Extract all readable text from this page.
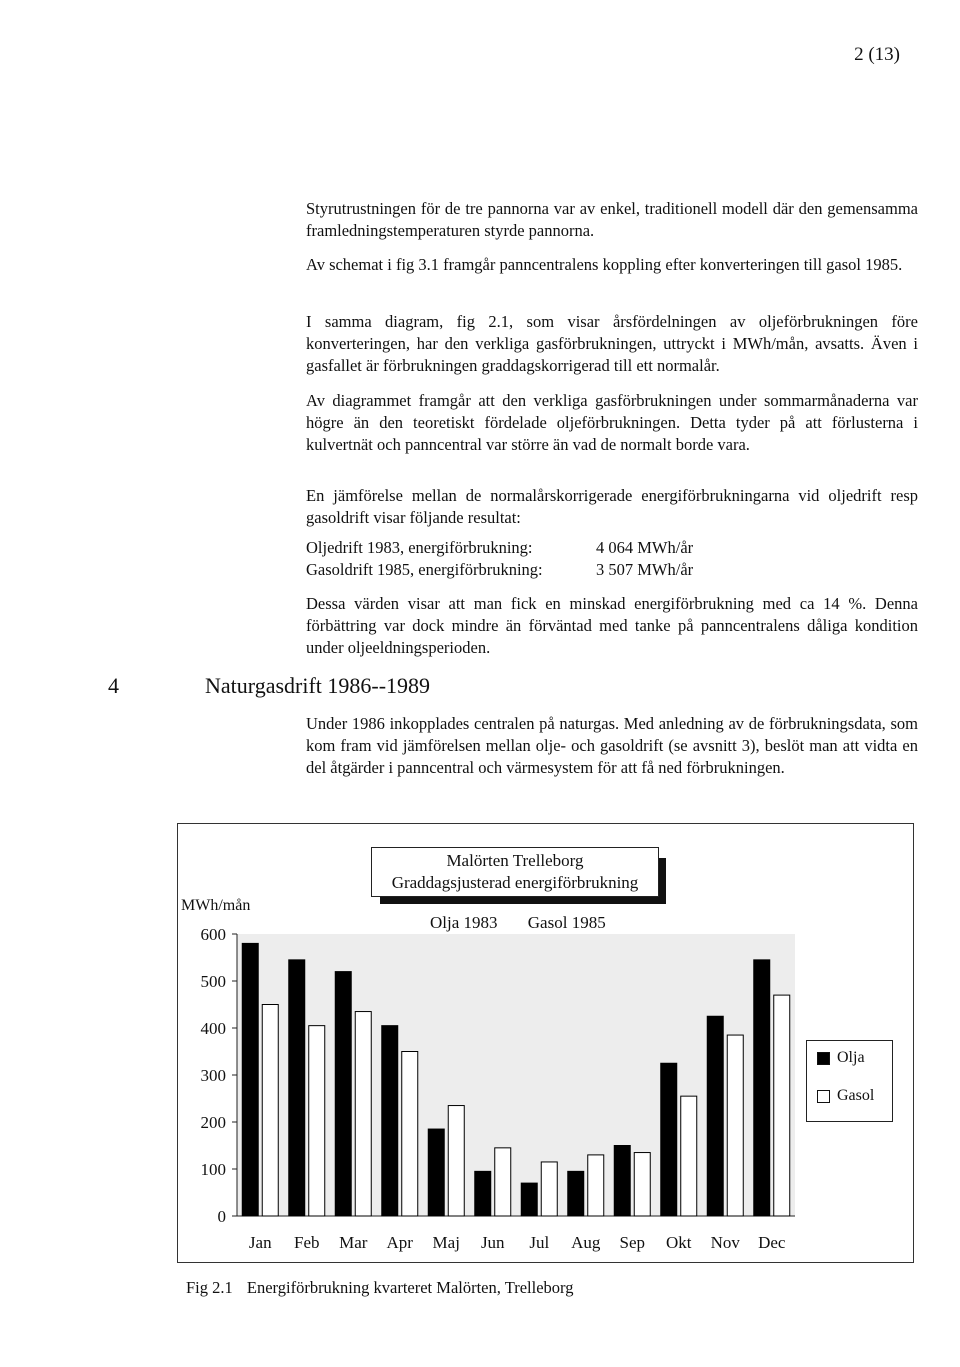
2 (13)

Styrutrustningen för de tre pannorna var av enkel, traditionell modell där den gemensamma framledningstemperaturen styrde pannorna.

Av schemat i fig 3.1 framgår panncentralens koppling efter konverteringen till gasol 1985.

I samma diagram, fig 2.1, som visar årsfördelningen av oljeförbrukningen före konverteringen, har den verkliga gasförbrukningen, uttryckt i MWh/mån, avsatts. Även i gasfallet är förbrukningen graddagskorrigerad till ett normalår.

Av diagrammet framgår att den verkliga gasförbrukningen under sommarmånaderna var högre än den teoretiskt fördelade oljeförbrukningen. Detta tyder på att förlusterna i kulvertnät och panncentral var större än vad de normalt borde vara.

En jämförelse mellan de normalårskorrigerade energiförbrukningarna vid oljedrift resp gasoldrift visar följande resultat:

Oljedrift 1983, energiförbrukning:	4 064 MWh/år
Gasoldrift 1985, energiförbrukning:	3 507 MWh/år

Dessa värden visar att man fick en minskad energiförbrukning med ca 14 %. Denna förbättring var dock mindre än förväntad med tanke på panncentralens dåliga kondition under oljeeldningsperioden.

4	Naturgasdrift 1986--1989

Under 1986 inkopplades centralen på naturgas. Med anledning av de förbrukningsdata, som kom fram vid jämförelsen mellan olje- och gasoldrift (se avsnitt 3), beslöt man att vidta en del åtgärder i panncentral och värmesystem för att få ned förbrukningen.

Malörten Trelleborg
Graddagsjusterad energiförbrukning
Olja 1983 Gasol 1985
MWh/mån
0
100
200
300
400
500
600
Jan Feb Mar Apr Maj Jun Jul Aug Sep Okt Nov Dec
Olja
Gasol
Fig 2.1 Energiförbrukning kvarteret Malörten, Trelleborg
